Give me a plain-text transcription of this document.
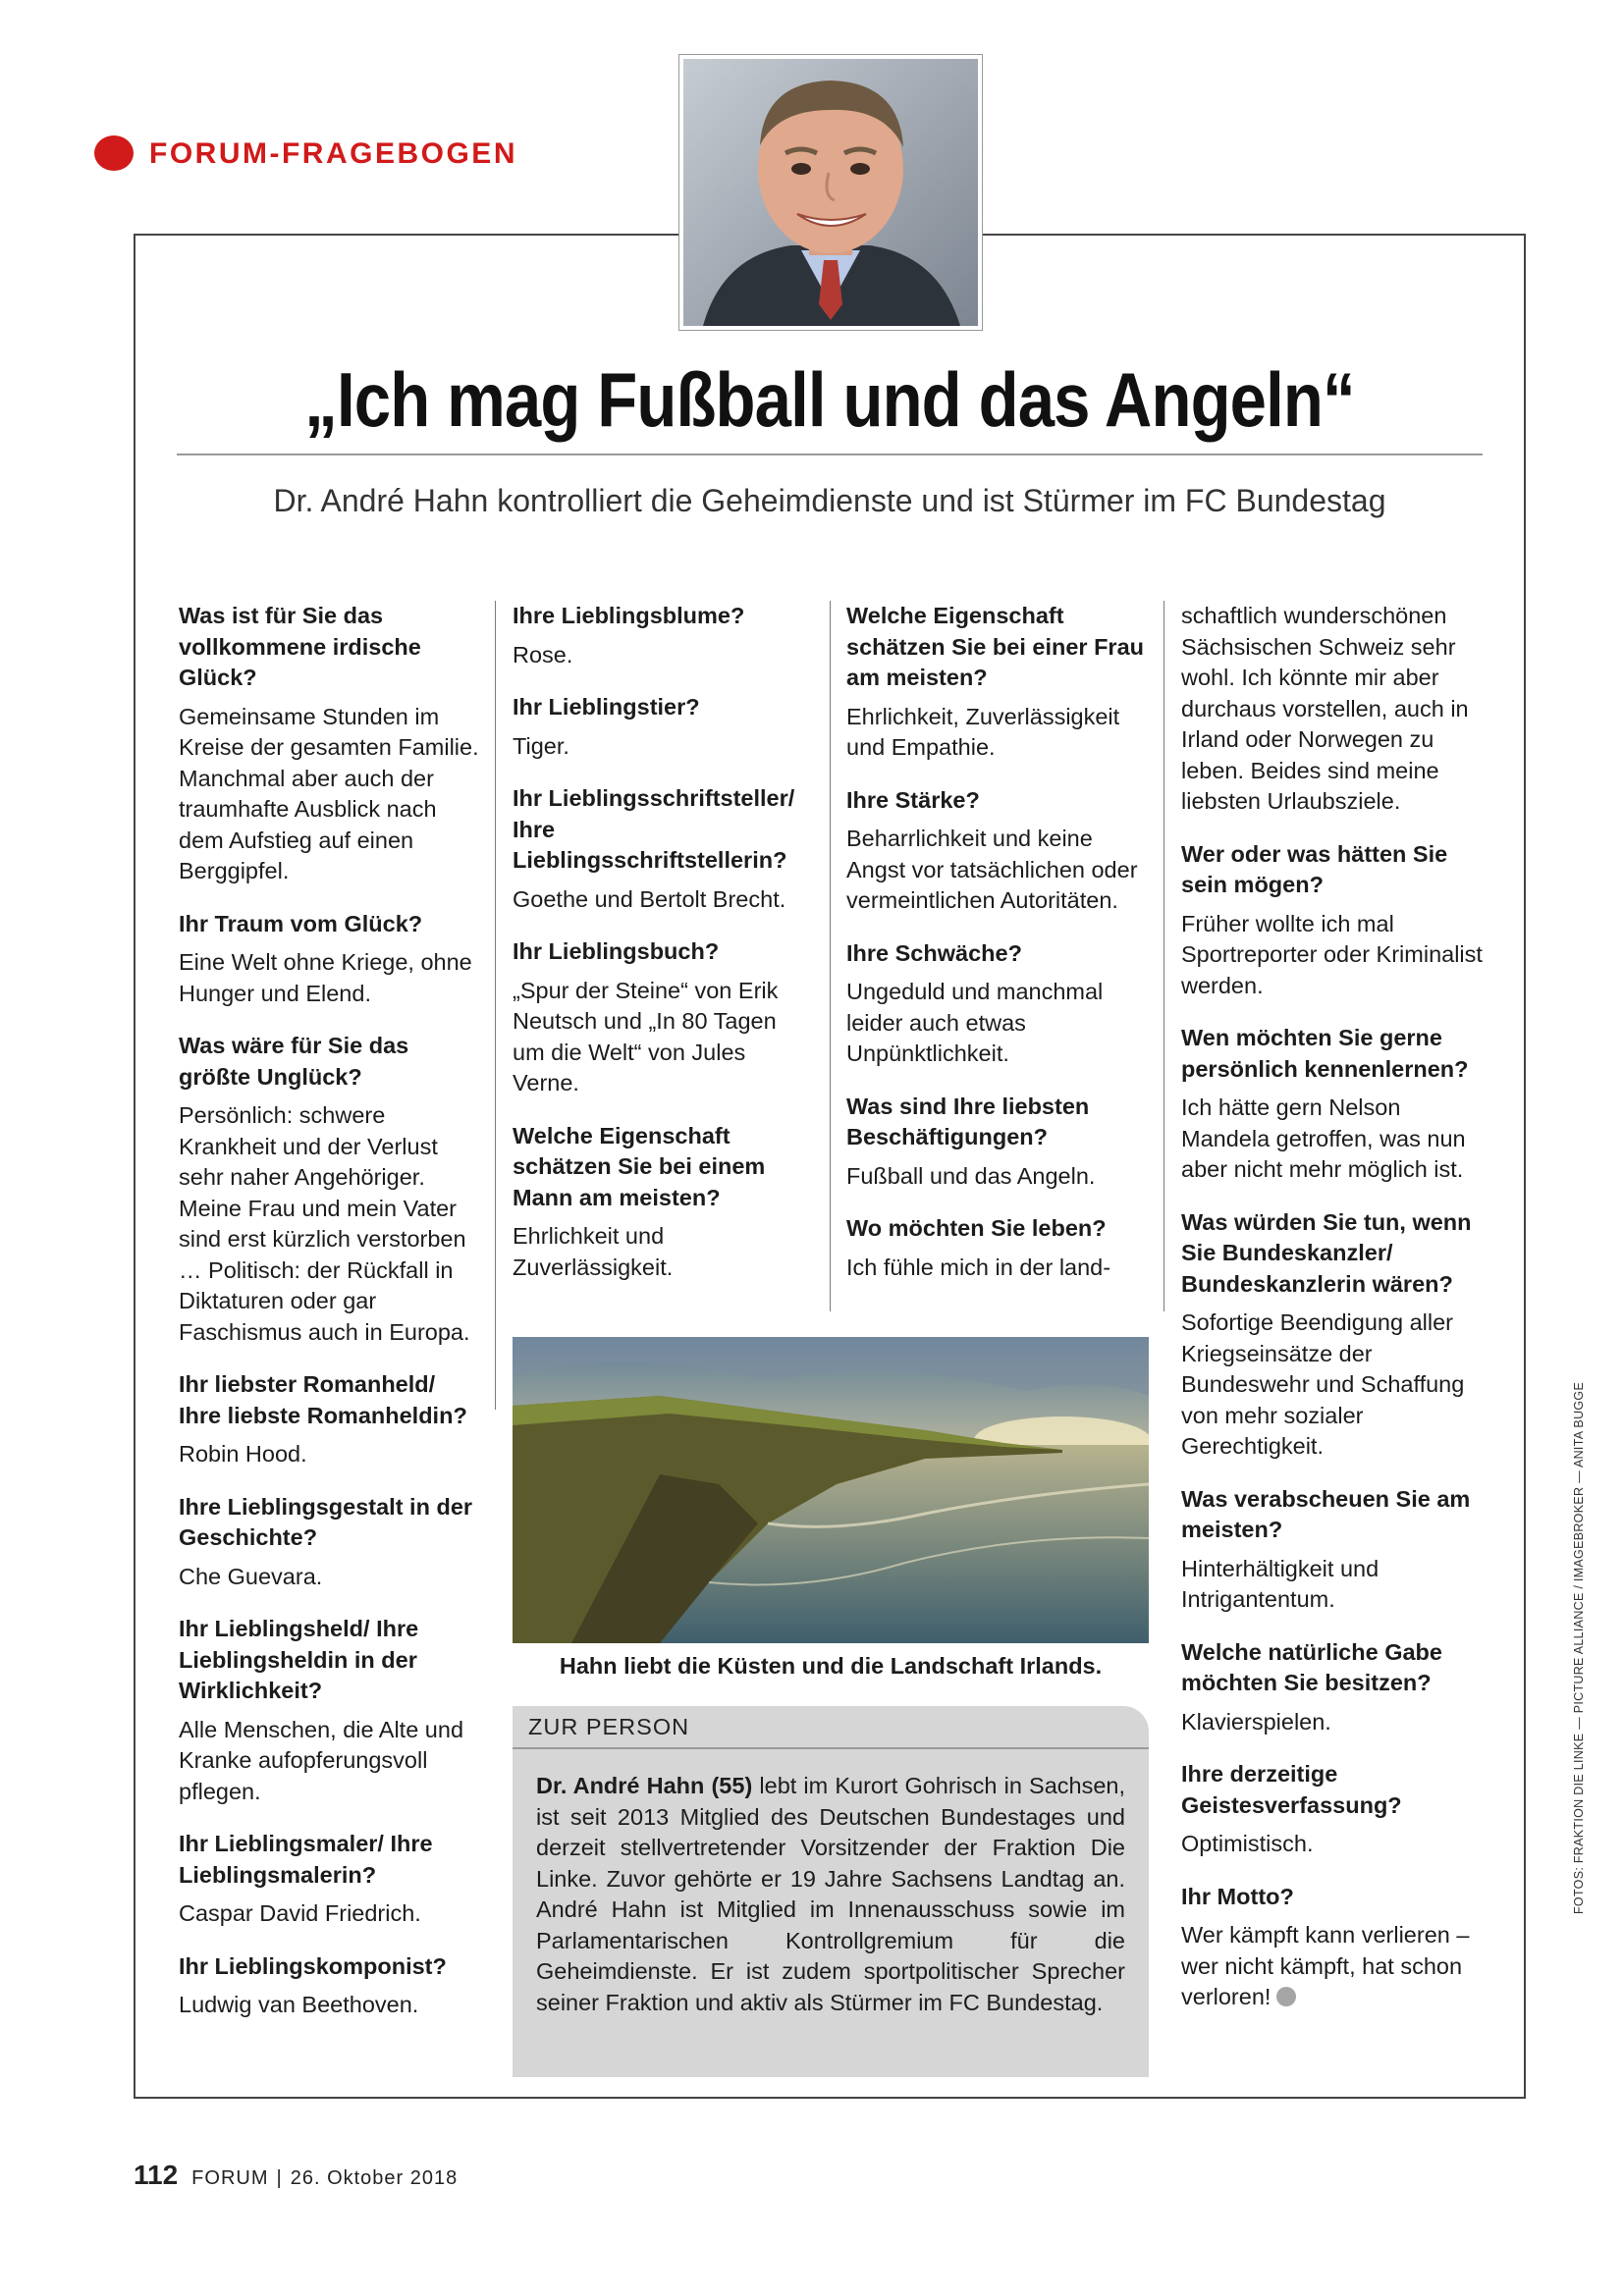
FORUM-FRAGEBOGEN
„Ich mag Fußball und das Angeln“

Dr. André Hahn kontrolliert die Geheimdienste und ist Stürmer im FC Bundestag

Was ist für Sie das vollkommene irdische Glück?

Gemeinsame Stunden im Kreise der gesamten Familie. Manchmal aber auch der traumhafte Ausblick nach dem Aufstieg auf einen Berggipfel.

Ihr Traum vom Glück?

Eine Welt ohne Kriege, ohne Hunger und Elend.

Was wäre für Sie das größte Unglück?

Persönlich: schwere Krankheit und der Verlust sehr naher Angehöriger. Meine Frau und mein Vater sind erst kürzlich verstorben … Politisch: der Rückfall in Diktaturen oder gar Faschismus auch in Europa.

Ihr liebster Romanheld/ Ihre liebste Romanheldin?

Robin Hood.

Ihre Lieblingsgestalt in der Geschichte?

Che Guevara.

Ihr Lieblingsheld/ Ihre Lieblingsheldin in der Wirklichkeit?

Alle Menschen, die Alte und Kranke aufopferungsvoll pflegen.

Ihr Lieblingsmaler/ Ihre Lieblingsmalerin?

Caspar David Friedrich.

Ihr Lieblingskomponist?

Ludwig van Beethoven.

Ihre Lieblingsblume?

Rose.

Ihr Lieblingstier?

Tiger.

Ihr Lieblingsschriftsteller/ Ihre Lieblingsschriftstellerin?

Goethe und Bertolt Brecht.

Ihr Lieblingsbuch?

„Spur der Steine“ von Erik Neutsch und „In 80 Tagen um die Welt“ von Jules Verne.

Welche Eigenschaft schätzen Sie bei einem Mann am meisten?

Ehrlichkeit und Zuverlässigkeit.

Welche Eigenschaft schätzen Sie bei einer Frau am meisten?

Ehrlichkeit, Zuverlässigkeit und Empathie.

Ihre Stärke?

Beharrlichkeit und keine Angst vor tatsächlichen oder vermeintlichen Autoritäten.

Ihre Schwäche?

Ungeduld und manchmal leider auch etwas Unpünktlichkeit.

Was sind Ihre liebsten Beschäftigungen?

Fußball und das Angeln.

Wo möchten Sie leben?

Ich fühle mich in der land-

schaftlich wunderschönen Sächsischen Schweiz sehr wohl. Ich könnte mir aber durchaus vorstellen, auch in Irland oder Norwegen zu leben. Beides sind meine liebsten Urlaubsziele.

Wer oder was hätten Sie sein mögen?

Früher wollte ich mal Sportreporter oder Kriminalist werden.

Wen möchten Sie gerne persönlich kennenlernen?

Ich hätte gern Nelson Mandela getroffen, was nun aber nicht mehr möglich ist.

Was würden Sie tun, wenn Sie Bundeskanzler/ Bundeskanzlerin wären?

Sofortige Beendigung aller Kriegseinsätze der Bundeswehr und Schaffung von mehr sozialer Gerechtigkeit.

Was verabscheuen Sie am meisten?

Hinterhältigkeit und Intrigantentum.

Welche natürliche Gabe möchten Sie besitzen?

Klavierspielen.

Ihre derzeitige Geistesverfassung?

Optimistisch.

Ihr Motto?

Wer kämpft kann verlieren – wer nicht kämpft, hat schon verloren!

Hahn liebt die Küsten und die Landschaft Irlands.

ZUR PERSON

Dr. André Hahn (55) lebt im Kurort Gohrisch in Sachsen, ist seit 2013 Mitglied des Deutschen Bundestages und derzeit stellvertretender Vorsitzender der Fraktion Die Linke. Zuvor gehörte er 19 Jahre Sachsens Landtag an. André Hahn ist Mitglied im Innenausschuss sowie im Parlamentarischen Kontrollgremium für die Geheimdienste. Er ist zudem sportpolitischer Sprecher seiner Fraktion und aktiv als Stürmer im FC Bundestag.

FOTOS: FRAKTION DIE LINKE — PICTURE ALLIANCE / IMAGEBROKER — ANITA BUGGE
112 FORUM | 26. Oktober 2018
